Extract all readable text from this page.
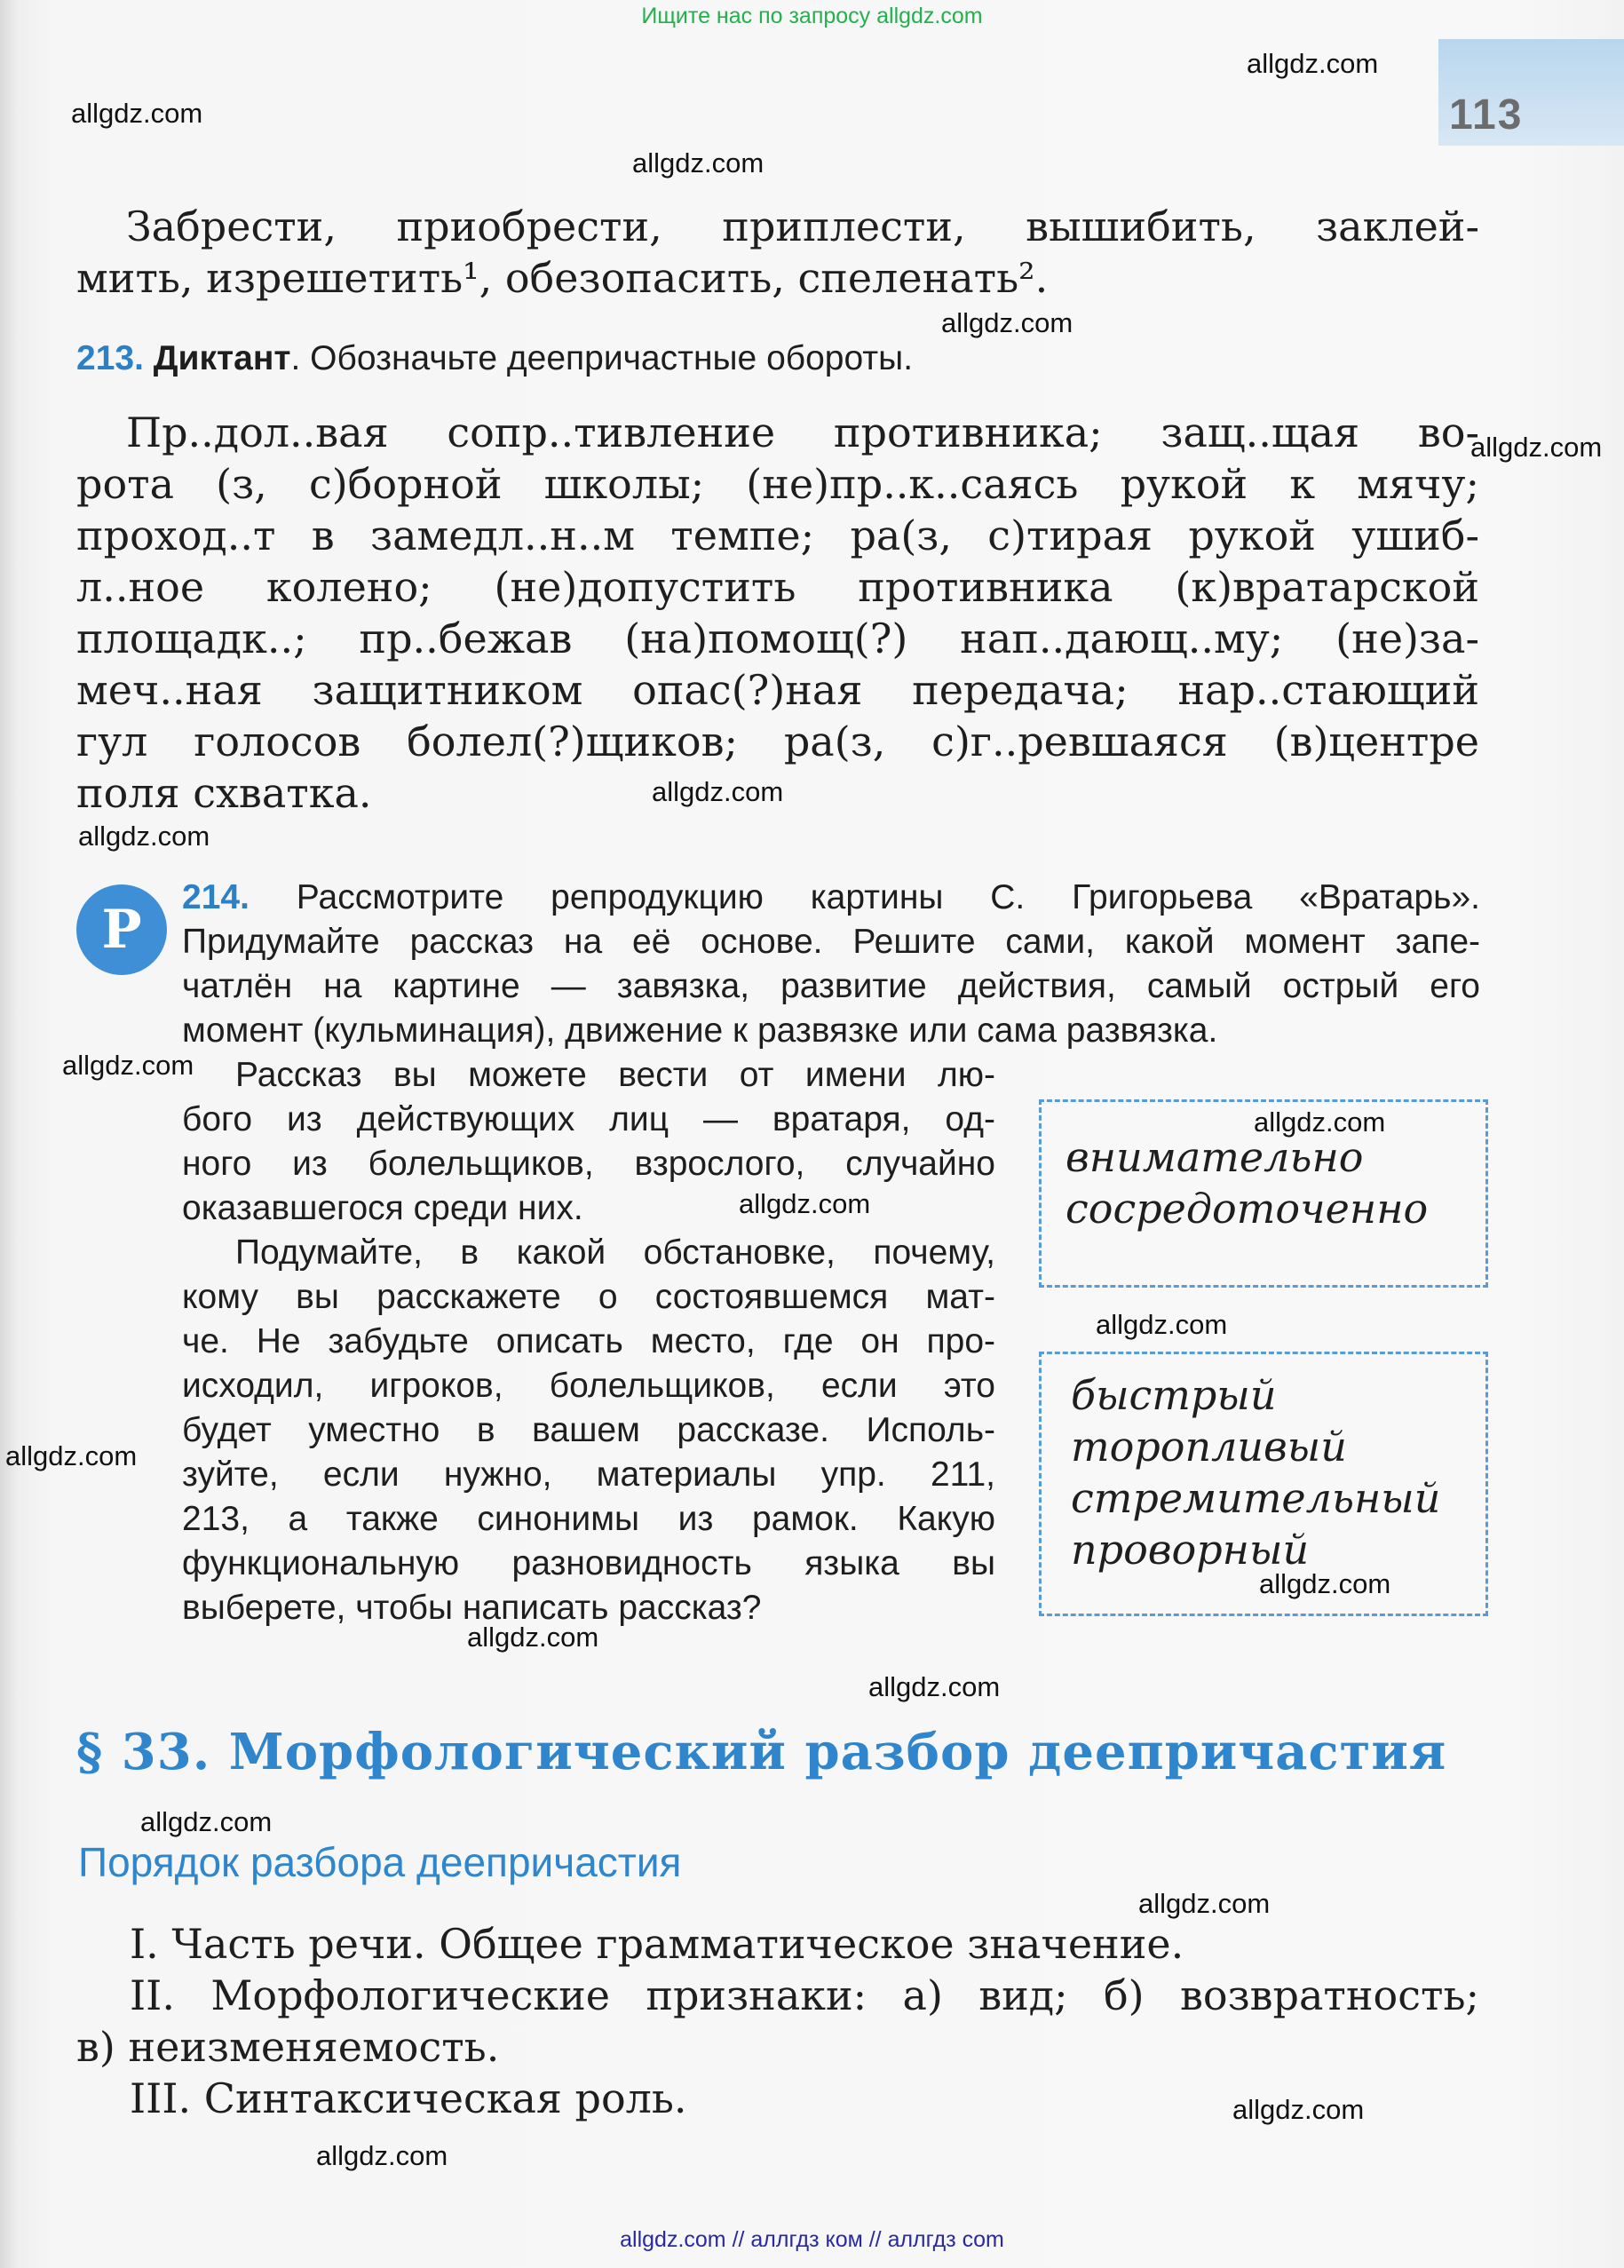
Ищите нас по запросу allgdz.com
113
Забрести, приобрести, приплести, вышибить, заклей-
мить, изрешетить¹, обезопасить, спеленать².
213. Диктант. Обозначьте деепричастные обороты.
Пр..дол..вая сопр..тивление противника; защ..щая во-
рота (з, с)борной школы; (не)пр..к..саясь рукой к мячу;
проход..т в замедл..н..м темпе; ра(з, с)тирая рукой ушиб-
л..ное колено; (не)допустить противника (к)вратарской
площадк..; пр..бежав (на)помощ(?) нап..дающ..му; (не)за-
меч..ная защитником опас(?)ная передача; нар..стающий
гул голосов болел(?)щиков; ра(з, с)г..ревшаяся (в)центре
поля схватка.
Р
214. Рассмотрите репродукцию картины С. Григорьева «Вратарь».
Придумайте рассказ на её основе. Решите сами, какой момент запе-
чатлён на картине — завязка, развитие действия, самый острый его
момент (кульминация), движение к развязке или сама развязка.
Рассказ вы можете вести от имени лю-
бого из действующих лиц — вратаря, од-
ного из болельщиков, взрослого, случайно
оказавшегося среди них.
Подумайте, в какой обстановке, почему,
кому вы расскажете о состоявшемся мат-
че. Не забудьте описать место, где он про-
исходил, игроков, болельщиков, если это
будет уместно в вашем рассказе. Исполь-
зуйте, если нужно, материалы упр. 211,
213, а также синонимы из рамок. Какую
функциональную разновидность языка вы
выберете, чтобы написать рассказ?
внимательно
сосредоточенно
быстрый
торопливый
стремительный
проворный
§ 33. Морфологический разбор деепричастия
Порядок разбора деепричастия
I. Часть речи. Общее грамматическое значение.
II. Морфологические признаки: а) вид; б) возвратность;
в) неизменяемость.
III. Синтаксическая роль.
allgdz.com
allgdz.com
allgdz.com
allgdz.com
allgdz.com
allgdz.com
allgdz.com
allgdz.com
allgdz.com
allgdz.com
allgdz.com
allgdz.com
allgdz.com
allgdz.com
allgdz.com
allgdz.com
allgdz.com
allgdz.com
allgdz.com
allgdz.com // аллгдз ком // аллгдз com
